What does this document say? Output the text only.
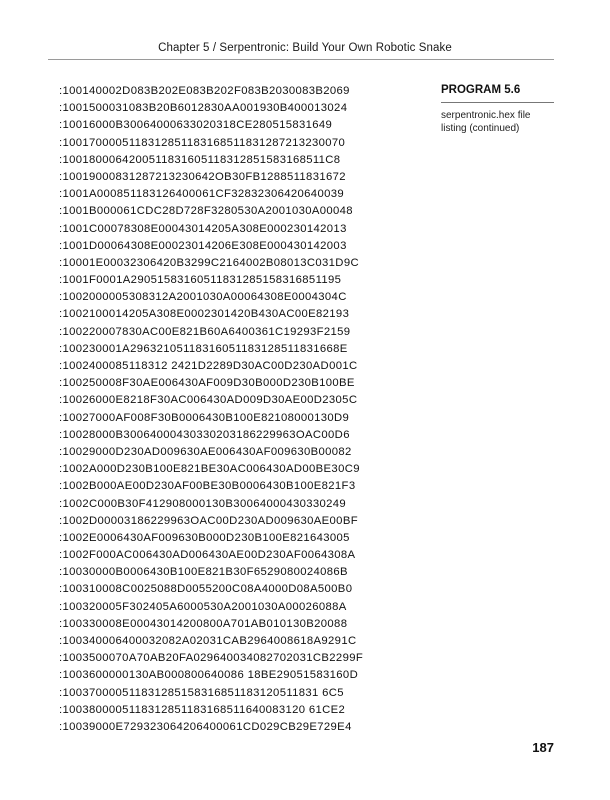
Chapter 5 / Serpentronic: Build Your Own Robotic Snake
:100140002D083B202E083B202F083B2030083B2069
:1001500031083B20B6012830AA001930B400013024
:10016000B30064000633020318CE280515831649
:1001700005118312851183168511831287213230070
:1001800064200511831605118312851583168511C8
:10019000831287213230642OB30FB1288511831672
:1001A000851183126400061CF32832306420640039
:1001B000061CDC28D728F3280530A2001030A00048
:1001C00078308E00043014205A308E000230142013
:1001D00064308E00023014206E308E000430142003
:10001E00032306420B3299C2164002B08013C031D9C
:1001F0001A29051583160511831285158316851195
:1002000005308312A2001030A00064308E0004304C
:1002100014205A308E0002301420B430AC00E82193
:100220007830AC00E821B60A6400361C19293F2159
:100230001A29632105118316051183128511831668E
:1002400085118312 2421D2289D30AC00D230AD001C
:100250008F30AE006430AF009D30B000D230B100BE
:10026000E8218F30AC006430AD009D30AE00D2305C
:10027000AF008F30B0006430B100E82108000130D9
:10028000B30064000430330203186229963OAC00D6
:10029000D230AD009630AE006430AF009630B00082
:1002A000D230B100E821BE30AC006430AD00BE30C9
:1002B000AE00D230AF00BE30B0006430B100E821F3
:1002C000B30F412908000130B30064000430330249
:1002D00003186229963OAC00D230AD009630AE00BF
:1002E0006430AF009630B000D230B100E821643005
:1002F000AC006430AD006430AE00D230AF0064308A
:10030000B0006430B100E821B30F6529080024086B
:100310008C0025088D0055200C08A4000D08A500B0
:100320005F302405A6000530A2001030A00026088A
:100330008E00043014200800A701AB010130B20088
:100340006400032082A02031CAB2964008618A9291C
:1003500070A70AB20FA029640034082702031CB2299F
:1003600000130AB000800640086 18BE29051583160D
:100370000511831285158316851183120511831 6C5
:1003800005118312851183168511640083120 61CE2
:10039000E729323064206400061CD029CB29E729E4
PROGRAM 5.6
serpentronic.hex file
listing (continued)
187
